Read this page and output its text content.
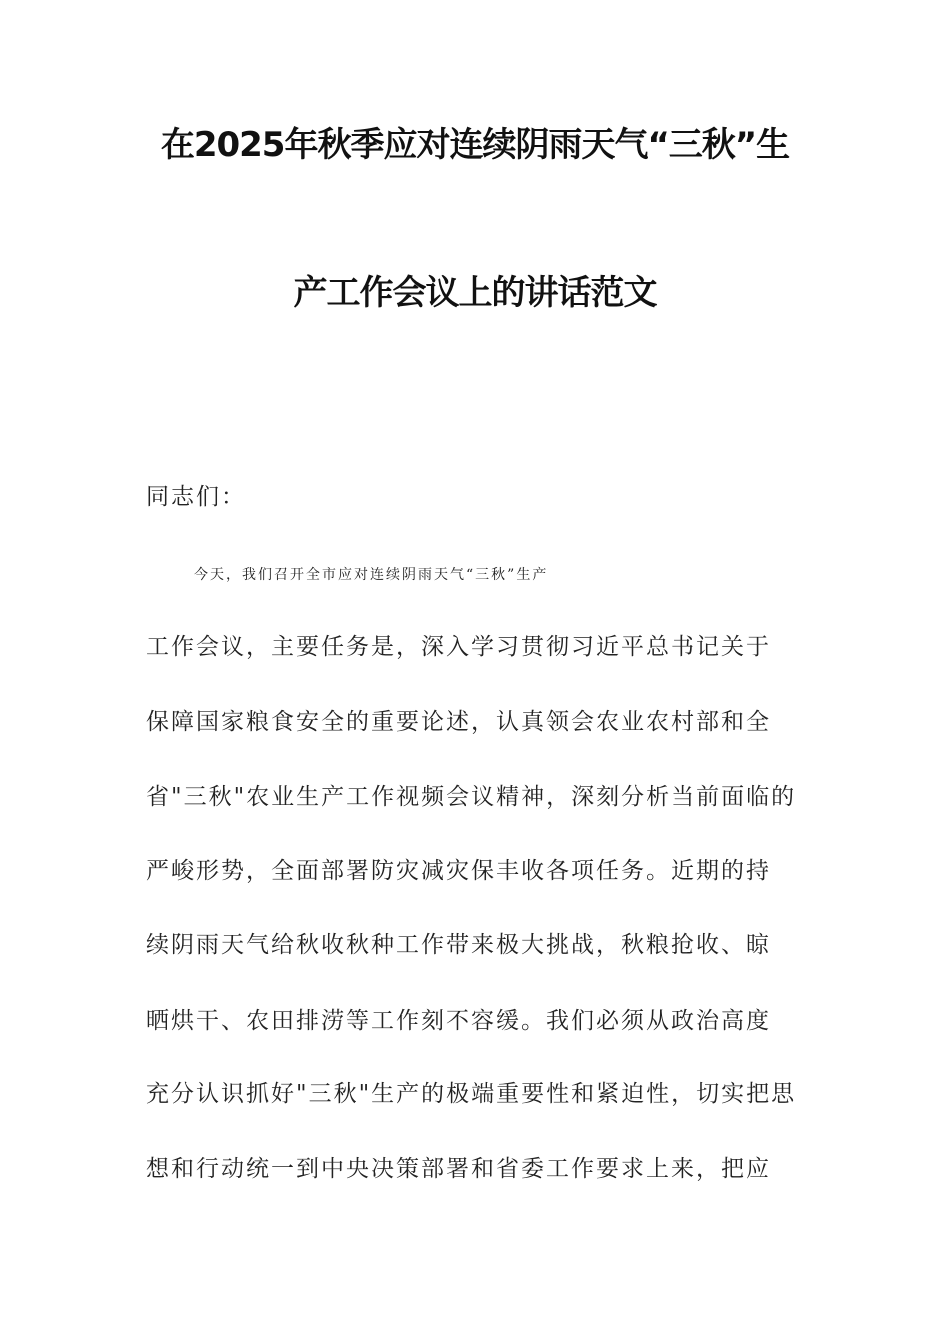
在2025年秋季应对连续阴雨天气“三秋”生
产工作会议上的讲话范文
同志们：
今天，我们召开全市应对连续阴雨天气“三秋”生产
工作会议，主要任务是，深入学习贯彻习近平总书记关于
保障国家粮食安全的重要论述，认真领会农业农村部和全
省"三秋"农业生产工作视频会议精神，深刻分析当前面临的
严峻形势，全面部署防灾减灾保丰收各项任务。近期的持
续阴雨天气给秋收秋种工作带来极大挑战，秋粮抢收、晾
晒烘干、农田排涝等工作刻不容缓。我们必须从政治高度
充分认识抓好"三秋"生产的极端重要性和紧迫性，切实把思
想和行动统一到中央决策部署和省委工作要求上来，把应
